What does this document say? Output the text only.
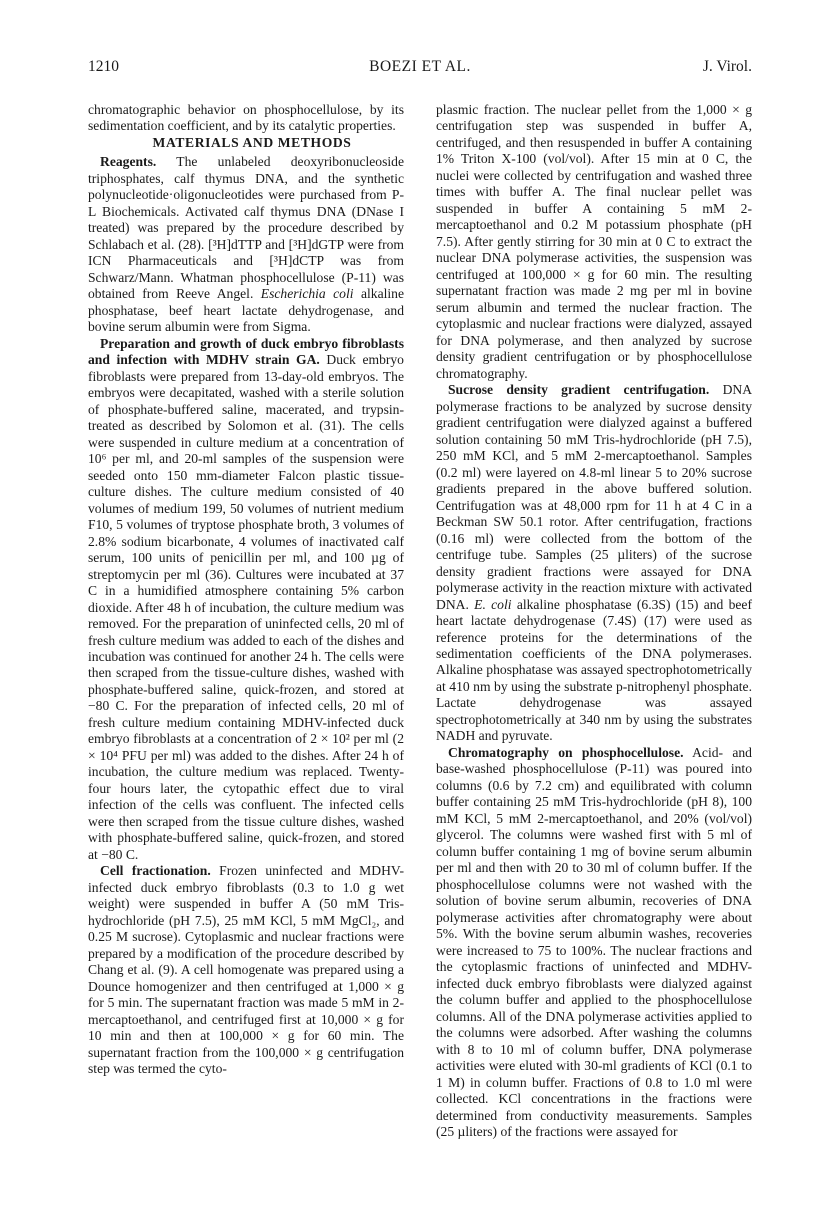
1210	BOEZI ET AL.	J. Virol.

chromatographic behavior on phosphocellulose, by its sedimentation coefficient, and by its catalytic properties.

MATERIALS AND METHODS

Reagents. The unlabeled deoxyribonucleoside triphosphates, calf thymus DNA, and the synthetic polynucleotide·oligonucleotides were purchased from P-L Biochemicals. Activated calf thymus DNA (DNase I treated) was prepared by the procedure described by Schlabach et al. (28). [³H]dTTP and [³H]dGTP were from ICN Pharmaceuticals and [³H]dCTP was from Schwarz/Mann. Whatman phosphocellulose (P-11) was obtained from Reeve Angel. Escherichia coli alkaline phosphatase, beef heart lactate dehydrogenase, and bovine serum albumin were from Sigma.

Preparation and growth of duck embryo fibroblasts and infection with MDHV strain GA. Duck embryo fibroblasts were prepared from 13-day-old embryos. The embryos were decapitated, washed with a sterile solution of phosphate-buffered saline, macerated, and trypsin-treated as described by Solomon et al. (31). The cells were suspended in culture medium at a concentration of 10⁶ per ml, and 20-ml samples of the suspension were seeded onto 150 mm-diameter Falcon plastic tissue-culture dishes. The culture medium consisted of 40 volumes of medium 199, 50 volumes of nutrient medium F10, 5 volumes of tryptose phosphate broth, 3 volumes of 2.8% sodium bicarbonate, 4 volumes of inactivated calf serum, 100 units of penicillin per ml, and 100 µg of streptomycin per ml (36). Cultures were incubated at 37 C in a humidified atmosphere containing 5% carbon dioxide. After 48 h of incubation, the culture medium was removed. For the preparation of uninfected cells, 20 ml of fresh culture medium was added to each of the dishes and incubation was continued for another 24 h. The cells were then scraped from the tissue-culture dishes, washed with phosphate-buffered saline, quick-frozen, and stored at −80 C. For the preparation of infected cells, 20 ml of fresh culture medium containing MDHV-infected duck embryo fibroblasts at a concentration of 2 × 10² per ml (2 × 10⁴ PFU per ml) was added to the dishes. After 24 h of incubation, the culture medium was replaced. Twenty-four hours later, the cytopathic effect due to viral infection of the cells was confluent. The infected cells were then scraped from the tissue culture dishes, washed with phosphate-buffered saline, quick-frozen, and stored at −80 C.

Cell fractionation. Frozen uninfected and MDHV-infected duck embryo fibroblasts (0.3 to 1.0 g wet weight) were suspended in buffer A (50 mM Tris-hydrochloride (pH 7.5), 25 mM KCl, 5 mM MgCl₂, and 0.25 M sucrose). Cytoplasmic and nuclear fractions were prepared by a modification of the procedure described by Chang et al. (9). A cell homogenate was prepared using a Dounce homogenizer and then centrifuged at 1,000 × g for 5 min. The supernatant fraction was made 5 mM in 2-mercaptoethanol, and centrifuged first at 10,000 × g for 10 min and then at 100,000 × g for 60 min. The supernatant fraction from the 100,000 × g centrifugation step was termed the cyto-

plasmic fraction. The nuclear pellet from the 1,000 × g centrifugation step was suspended in buffer A, centrifuged, and then resuspended in buffer A containing 1% Triton X-100 (vol/vol). After 15 min at 0 C, the nuclei were collected by centrifugation and washed three times with buffer A. The final nuclear pellet was suspended in buffer A containing 5 mM 2-mercaptoethanol and 0.2 M potassium phosphate (pH 7.5). After gently stirring for 30 min at 0 C to extract the nuclear DNA polymerase activities, the suspension was centrifuged at 100,000 × g for 60 min. The resulting supernatant fraction was made 2 mg per ml in bovine serum albumin and termed the nuclear fraction. The cytoplasmic and nuclear fractions were dialyzed, assayed for DNA polymerase, and then analyzed by sucrose density gradient centrifugation or by phosphocellulose chromatography.

Sucrose density gradient centrifugation. DNA polymerase fractions to be analyzed by sucrose density gradient centrifugation were dialyzed against a buffered solution containing 50 mM Tris-hydrochloride (pH 7.5), 250 mM KCl, and 5 mM 2-mercaptoethanol. Samples (0.2 ml) were layered on 4.8-ml linear 5 to 20% sucrose gradients prepared in the above buffered solution. Centrifugation was at 48,000 rpm for 11 h at 4 C in a Beckman SW 50.1 rotor. After centrifugation, fractions (0.16 ml) were collected from the bottom of the centrifuge tube. Samples (25 µliters) of the sucrose density gradient fractions were assayed for DNA polymerase activity in the reaction mixture with activated DNA. E. coli alkaline phosphatase (6.3S) (15) and beef heart lactate dehydrogenase (7.4S) (17) were used as reference proteins for the determinations of the sedimentation coefficients of the DNA polymerases. Alkaline phosphatase was assayed spectrophotometrically at 410 nm by using the substrate p-nitrophenyl phosphate. Lactate dehydrogenase was assayed spectrophotometrically at 340 nm by using the substrates NADH and pyruvate.

Chromatography on phosphocellulose. Acid- and base-washed phosphocellulose (P-11) was poured into columns (0.6 by 7.2 cm) and equilibrated with column buffer containing 25 mM Tris-hydrochloride (pH 8), 100 mM KCl, 5 mM 2-mercaptoethanol, and 20% (vol/vol) glycerol. The columns were washed first with 5 ml of column buffer containing 1 mg of bovine serum albumin per ml and then with 20 to 30 ml of column buffer. If the phosphocellulose columns were not washed with the solution of bovine serum albumin, recoveries of DNA polymerase activities after chromatography were about 5%. With the bovine serum albumin washes, recoveries were increased to 75 to 100%. The nuclear fractions and the cytoplasmic fractions of uninfected and MDHV-infected duck embryo fibroblasts were dialyzed against the column buffer and applied to the phosphocellulose columns. All of the DNA polymerase activities applied to the columns were adsorbed. After washing the columns with 8 to 10 ml of column buffer, DNA polymerase activities were eluted with 30-ml gradients of KCl (0.1 to 1 M) in column buffer. Fractions of 0.8 to 1.0 ml were collected. KCl concentrations in the fractions were determined from conductivity measurements. Samples (25 µliters) of the fractions were assayed for
